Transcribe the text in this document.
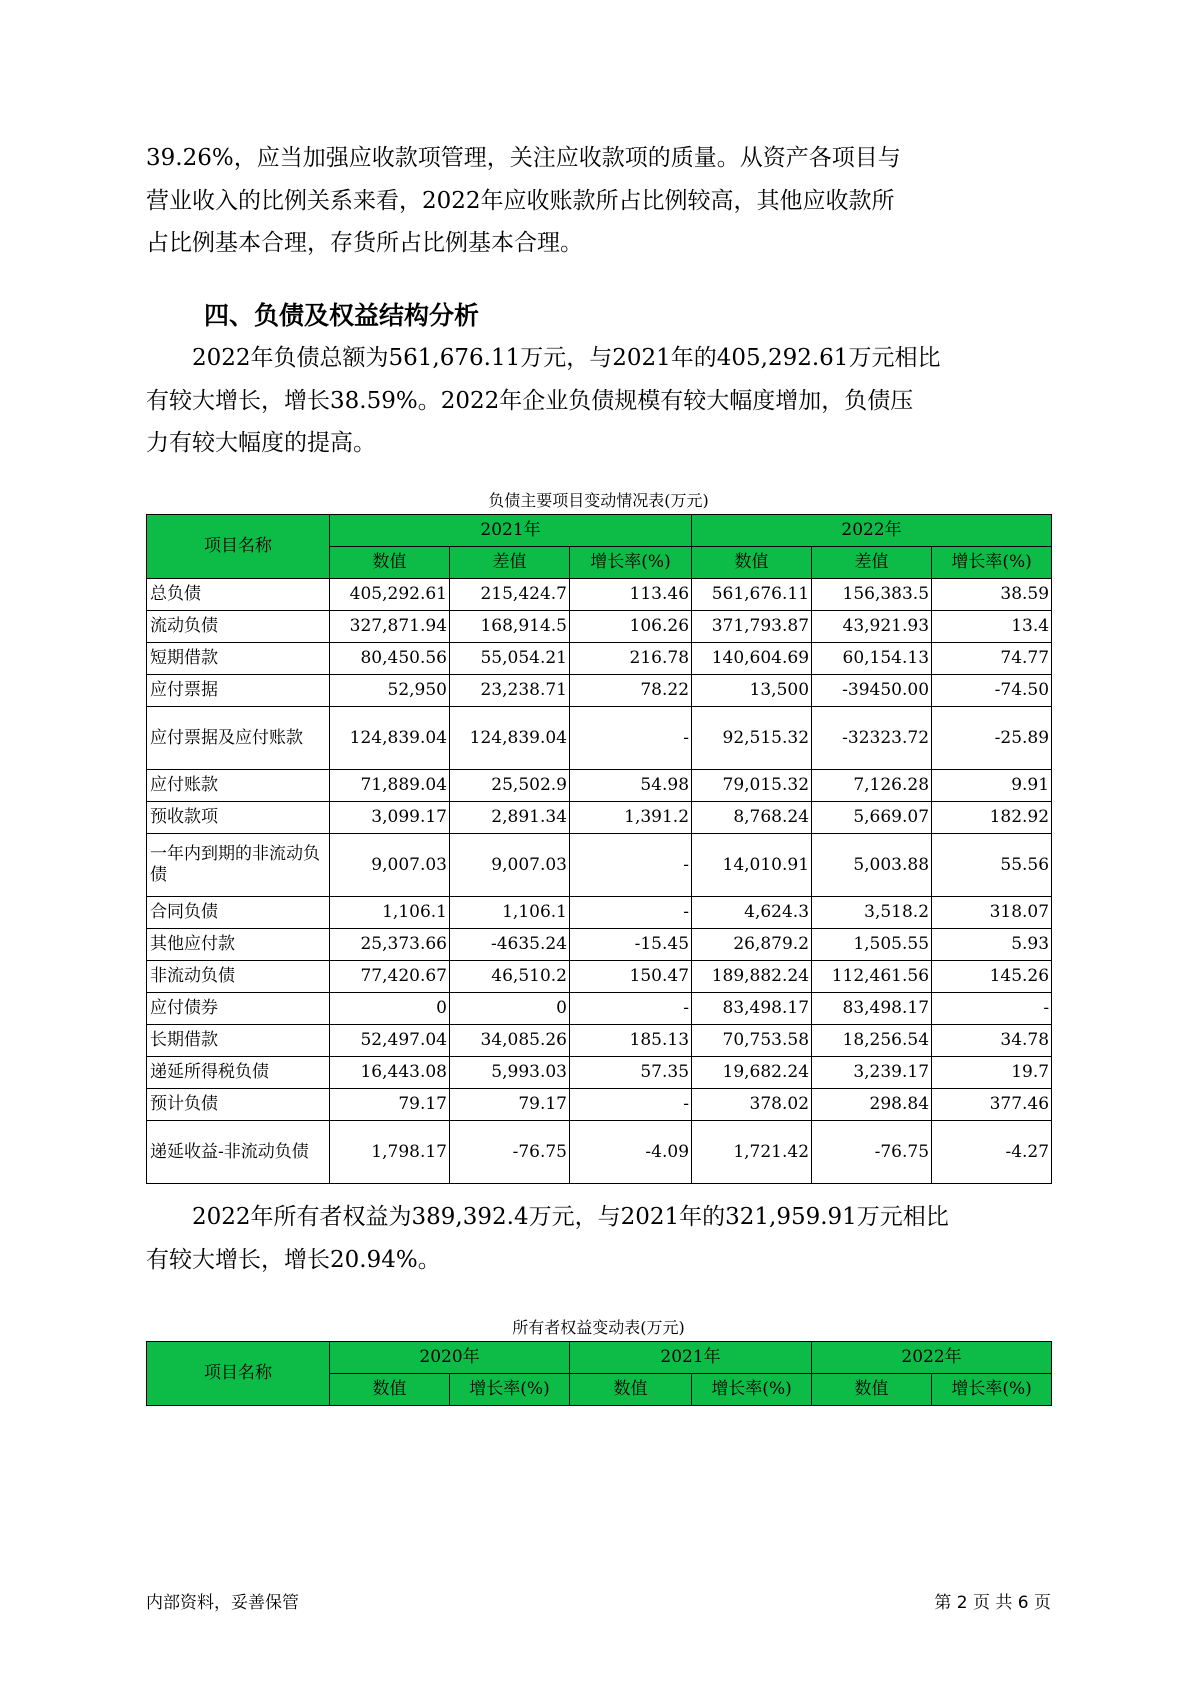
39.26%，应当加强应收款项管理，关注应收款项的质量。从资产各项目与
营业收入的比例关系来看，2022年应收账款所占比例较高，其他应收款所
占比例基本合理，存货所占比例基本合理。

四、负债及权益结构分析

2022年负债总额为561,676.11万元，与2021年的405,292.61万元相比
有较大增长，增长38.59%。2022年企业负债规模有较大幅度增加，负债压
力有较大幅度的提高。

负债主要项目变动情况表(万元)
项目名称	2021年			2022年		
	数值	差值	增长率(%)	数值	差值	增长率(%)
总负债	405,292.61	215,424.7	113.46	561,676.11	156,383.5	38.59
流动负债	327,871.94	168,914.5	106.26	371,793.87	43,921.93	13.4
短期借款	80,450.56	55,054.21	216.78	140,604.69	60,154.13	74.77
应付票据	52,950	23,238.71	78.22	13,500	-39450.00	-74.50
应付票据及应付账款	124,839.04	124,839.04	-	92,515.32	-32323.72	-25.89
应付账款	71,889.04	25,502.9	54.98	79,015.32	7,126.28	9.91
预收款项	3,099.17	2,891.34	1,391.2	8,768.24	5,669.07	182.92
一年内到期的非流动负债	9,007.03	9,007.03	-	14,010.91	5,003.88	55.56
合同负债	1,106.1	1,106.1	-	4,624.3	3,518.2	318.07
其他应付款	25,373.66	-4635.24	-15.45	26,879.2	1,505.55	5.93
非流动负债	77,420.67	46,510.2	150.47	189,882.24	112,461.56	145.26
应付债券	0	0	-	83,498.17	83,498.17	-
长期借款	52,497.04	34,085.26	185.13	70,753.58	18,256.54	34.78
递延所得税负债	16,443.08	5,993.03	57.35	19,682.24	3,239.17	19.7
预计负债	79.17	79.17	-	378.02	298.84	377.46
递延收益-非流动负债	1,798.17	-76.75	-4.09	1,721.42	-76.75	-4.27

2022年所有者权益为389,392.4万元，与2021年的321,959.91万元相比
有较大增长，增长20.94%。

所有者权益变动表(万元)
项目名称	2020年		2021年		2022年	
	数值	增长率(%)	数值	增长率(%)	数值	增长率(%)
内部资料，妥善保管	第 2 页 共 6 页
